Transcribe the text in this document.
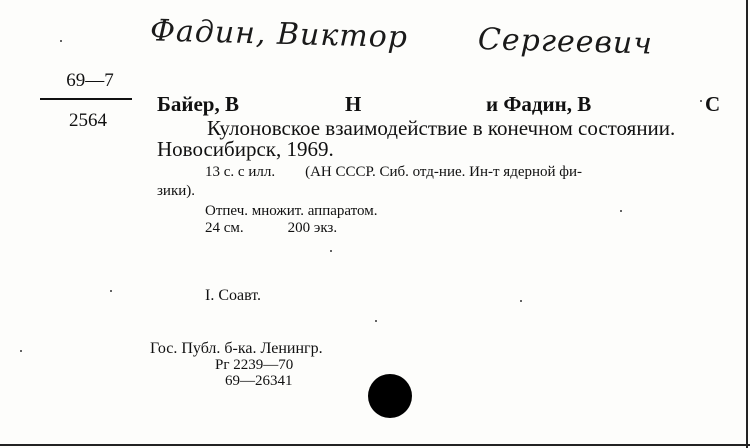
Фадин, Виктор Сергеевич
69—7
2564
Байер, В	Н	и Фадин, В	С
Кулоновское взаимодействие в конечном состоянии.
Новосибирск, 1969.
13 с. с илл. (АН СССР. Сиб. отд-ние. Ин-т ядерной фи-
зики).
Отпеч. множит. аппаратом.
24 см.	200 экз.
I. Соавт.
Гос. Публ. б-ка. Ленингр.
Рг 2239—70
69—26341
